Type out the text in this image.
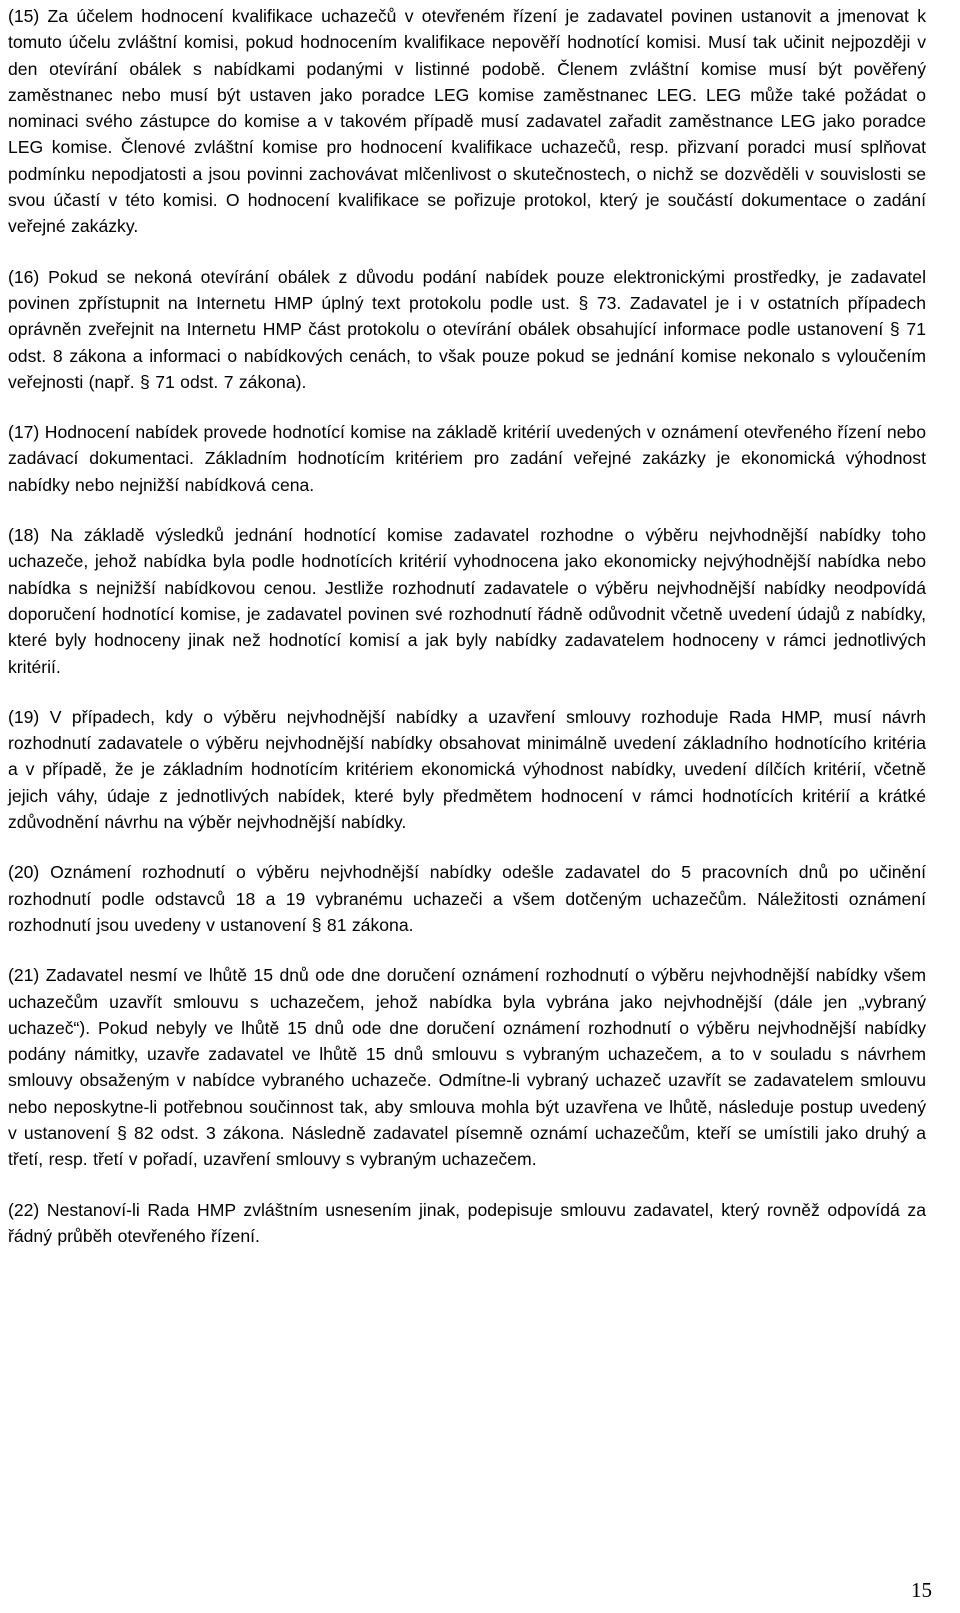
(15) Za účelem hodnocení kvalifikace uchazečů v otevřeném řízení je zadavatel povinen ustanovit a jmenovat k tomuto účelu zvláštní komisi, pokud hodnocením kvalifikace nepověří hodnotící komisi. Musí tak učinit nejpozději v den otevírání obálek s nabídkami podanými v listinné podobě. Členem zvláštní komise musí být pověřený zaměstnanec nebo musí být ustaven jako poradce LEG komise zaměstnanec LEG. LEG může také požádat o nominaci svého zástupce do komise a v takovém případě musí zadavatel zařadit zaměstnance LEG jako poradce LEG komise. Členové zvláštní komise pro hodnocení kvalifikace uchazečů, resp. přizvaní poradci musí splňovat podmínku nepodjatosti a jsou povinni zachovávat mlčenlivost o skutečnostech, o nichž se dozvěděli v souvislosti se svou účastí v této komisi. O hodnocení kvalifikace se pořizuje protokol, který je součástí dokumentace o zadání veřejné zakázky.

(16) Pokud se nekoná otevírání obálek z důvodu podání nabídek pouze elektronickými prostředky, je zadavatel povinen zpřístupnit na Internetu HMP úplný text protokolu podle ust. § 73. Zadavatel je i v ostatních případech oprávněn zveřejnit na Internetu HMP část protokolu o otevírání obálek obsahující informace podle ustanovení § 71 odst. 8 zákona a informaci o nabídkových cenách, to však pouze pokud se jednání komise nekonalo s vyloučením veřejnosti (např. § 71 odst. 7 zákona).

(17) Hodnocení nabídek provede hodnotící komise na základě kritérií uvedených v oznámení otevřeného řízení nebo zadávací dokumentaci. Základním hodnotícím kritériem pro zadání veřejné zakázky je ekonomická výhodnost nabídky nebo nejnižší nabídková cena.

(18) Na základě výsledků jednání hodnotící komise zadavatel rozhodne o výběru nejvhodnější nabídky toho uchazeče, jehož nabídka byla podle hodnotících kritérií vyhodnocena jako ekonomicky nejvýhodnější nabídka nebo nabídka s nejnižší nabídkovou cenou. Jestliže rozhodnutí zadavatele o výběru nejvhodnější nabídky neodpovídá doporučení hodnotící komise, je zadavatel povinen své rozhodnutí řádně odůvodnit včetně uvedení údajů z nabídky, které byly hodnoceny jinak než hodnotící komisí a jak byly nabídky zadavatelem hodnoceny v rámci jednotlivých kritérií.

(19) V případech, kdy o výběru nejvhodnější nabídky a uzavření smlouvy rozhoduje Rada HMP, musí návrh rozhodnutí zadavatele o výběru nejvhodnější nabídky obsahovat minimálně uvedení základního hodnotícího kritéria a v případě, že je základním hodnotícím kritériem ekonomická výhodnost nabídky, uvedení dílčích kritérií, včetně jejich váhy, údaje z jednotlivých nabídek, které byly předmětem hodnocení v rámci hodnotících kritérií a krátké zdůvodnění návrhu na výběr nejvhodnější nabídky.

(20) Oznámení rozhodnutí o výběru nejvhodnější nabídky odešle zadavatel do 5 pracovních dnů po učinění rozhodnutí podle odstavců 18 a 19 vybranému uchazeči a všem dotčeným uchazečům. Náležitosti oznámení rozhodnutí jsou uvedeny v ustanovení § 81 zákona.

(21) Zadavatel nesmí ve lhůtě 15 dnů ode dne doručení oznámení rozhodnutí o výběru nejvhodnější nabídky všem uchazečům uzavřít smlouvu s uchazečem, jehož nabídka byla vybrána jako nejvhodnější (dále jen „vybraný uchazeč“). Pokud nebyly ve lhůtě 15 dnů ode dne doručení oznámení rozhodnutí o výběru nejvhodnější nabídky podány námitky, uzavře zadavatel ve lhůtě 15 dnů smlouvu s vybraným uchazečem, a to v souladu s návrhem smlouvy obsaženým v nabídce vybraného uchazeče. Odmítne-li vybraný uchazeč uzavřít se zadavatelem smlouvu nebo neposkytne-li potřebnou součinnost tak, aby smlouva mohla být uzavřena ve lhůtě, následuje postup uvedený v ustanovení § 82 odst. 3 zákona. Následně zadavatel písemně oznámí uchazečům, kteří se umístili jako druhý a třetí, resp. třetí v pořadí, uzavření smlouvy s vybraným uchazečem.

(22) Nestanoví-li Rada HMP zvláštním usnesením jinak, podepisuje smlouvu zadavatel, který rovněž odpovídá za řádný průběh otevřeného řízení.

15
